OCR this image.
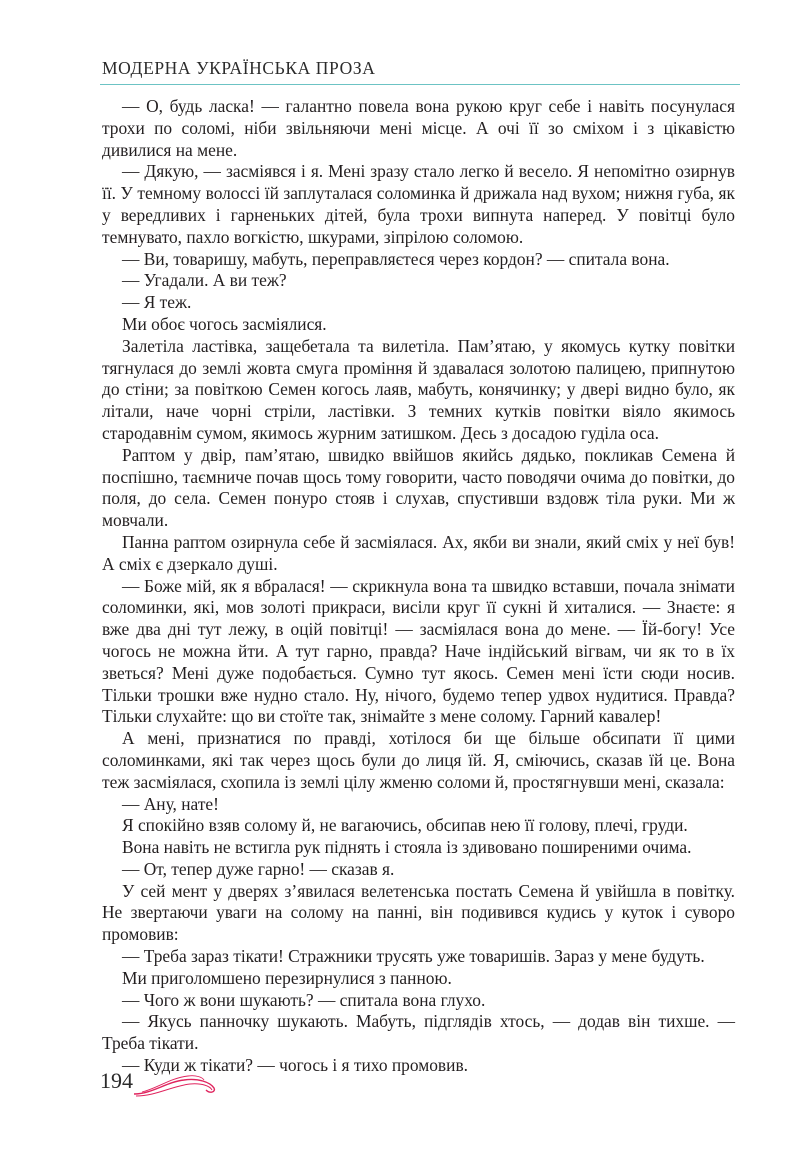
МОДЕРНА УКРАЇНСЬКА ПРОЗА

— О, будь ласка! — галантно повела вона рукою круг себе і навіть посунулася трохи по соломі, ніби звільняючи мені місце. А очі її зо сміхом і з цікавістю дивилися на мене.

— Дякую, — засміявся і я. Мені зразу стало легко й весело. Я непомітно озирнув її. У темному волоссі їй заплуталася соломинка й дрижала над вухом; нижня губа, як у вередливих і гарненьких дітей, була трохи випнута наперед. У повітці було темнувато, пахло вогкістю, шкурами, зіпрілою соломою.

— Ви, товаришу, мабуть, переправляєтеся через кордон? — спитала вона.

— Угадали. А ви теж?

— Я теж.

Ми обоє чогось засміялися.

Залетіла ластівка, защебетала та вилетіла. Пам’ятаю, у якомусь кутку повітки тягнулася до землі жовта смуга проміння й здавалася золотою палицею, припнутою до стіни; за повіткою Семен когось лаяв, мабуть, конячинку; у двері видно було, як літали, наче чорні стріли, ластівки. З темних кутків повітки віяло якимось стародавнім сумом, якимось журним затишком. Десь з досадою гуділа оса.

Раптом у двір, пам’ятаю, швидко ввійшов якийсь дядько, покликав Семена й поспішно, таємниче почав щось тому говорити, часто поводячи очима до повітки, до поля, до села. Семен понуро стояв і слухав, спустивши вздовж тіла руки. Ми ж мовчали.

Панна раптом озирнула себе й засміялася. Ах, якби ви знали, який сміх у неї був! А сміх є дзеркало душі.

— Боже мій, як я вбралася! — скрикнула вона та швидко вставши, почала знімати соломинки, які, мов золоті прикраси, висіли круг її сукні й хиталися. — Знаєте: я вже два дні тут лежу, в оцій повітці! — засміялася вона до мене. — Їй-богу! Усе чогось не можна йти. А тут гарно, правда? Наче індійський вігвам, чи як то в їх зветься? Мені дуже подобається. Сумно тут якось. Семен мені їсти сюди носив. Тільки трошки вже нудно стало. Ну, нічого, будемо тепер удвох нудитися. Правда? Тільки слухайте: що ви стоїте так, знімайте з мене солому. Гарний кавалер!

А мені, признатися по правді, хотілося би ще більше обсипати її цими соломинками, які так через щось були до лиця їй. Я, сміючись, сказав їй це. Вона теж засміялася, схопила із землі цілу жменю соломи й, простягнувши мені, сказала:

— Ану, нате!

Я спокійно взяв солому й, не вагаючись, обсипав нею її голову, плечі, груди.

Вона навіть не встигла рук піднять і стояла із здивовано поширеними очима.

— От, тепер дуже гарно! — сказав я.

У сей мент у дверях з’явилася велетенська постать Семена й увійшла в повітку. Не звертаючи уваги на солому на панні, він подивився кудись у куток і суворо промовив:

— Треба зараз тікати! Стражники трусять уже товаришів. Зараз у мене будуть.

Ми приголомшено перезирнулися з панною.

— Чого ж вони шукають? — спитала вона глухо.

— Якусь панночку шукають. Мабуть, підглядів хтось, — додав він тихше. — Треба тікати.

— Куди ж тікати? — чогось і я тихо промовив.

194
